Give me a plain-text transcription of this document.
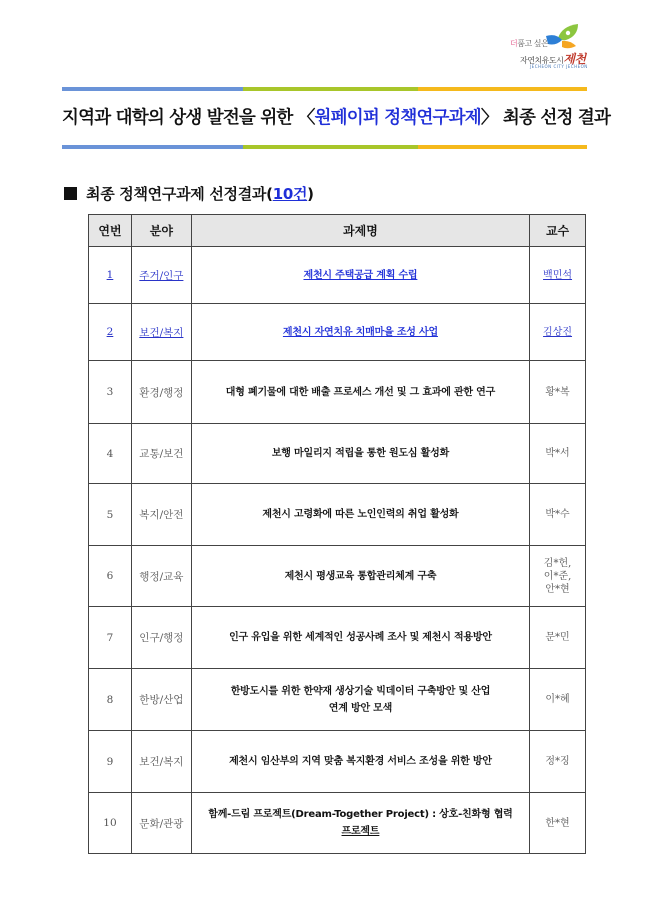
더품고 싶은
자연치유도시제천
JECHEON CITY JECHEON
지역과 대학의 상생 발전을 위한 〈원페이퍼 정책연구과제〉 최종 선정 결과
최종 정책연구과제 선정결과( 10건 )
연번	분야	과제명	교수
1	주거/인구	제천시 주택공급 계획 수립	백민석
2	보건/복지	제천시 자연치유 치매마을 조성 사업	김상진
3	환경/행정	대형 폐기물에 대한 배출 프로세스 개선 및 그 효과에 관한 연구	황*복
4	교통/보건	보행 마일리지 적립을 통한 원도심 활성화	박*서
5	복지/안전	제천시 고령화에 따른 노인인력의 취업 활성화	박*수
6	행정/교육	제천시 평생교육 통합관리체계 구축	김*헌,
이*준,
안*현

7	인구/행정	인구 유입을 위한 세계적인 성공사례 조사 및 제천시 적용방안	문*민
8	한방/산업	한방도시를 위한 한약재 생상기술 빅데이터 구축방안 및 산업
연계 방안 모색	이*혜
9	보건/복지	제천시 임산부의 지역 맞춤 복지환경 서비스 조성을 위한 방안	정*징
10	문화/관광	함께-드림 프로젝트(Dream-Together Project) : 상호-친화형 협력
프로젝트	한*현
